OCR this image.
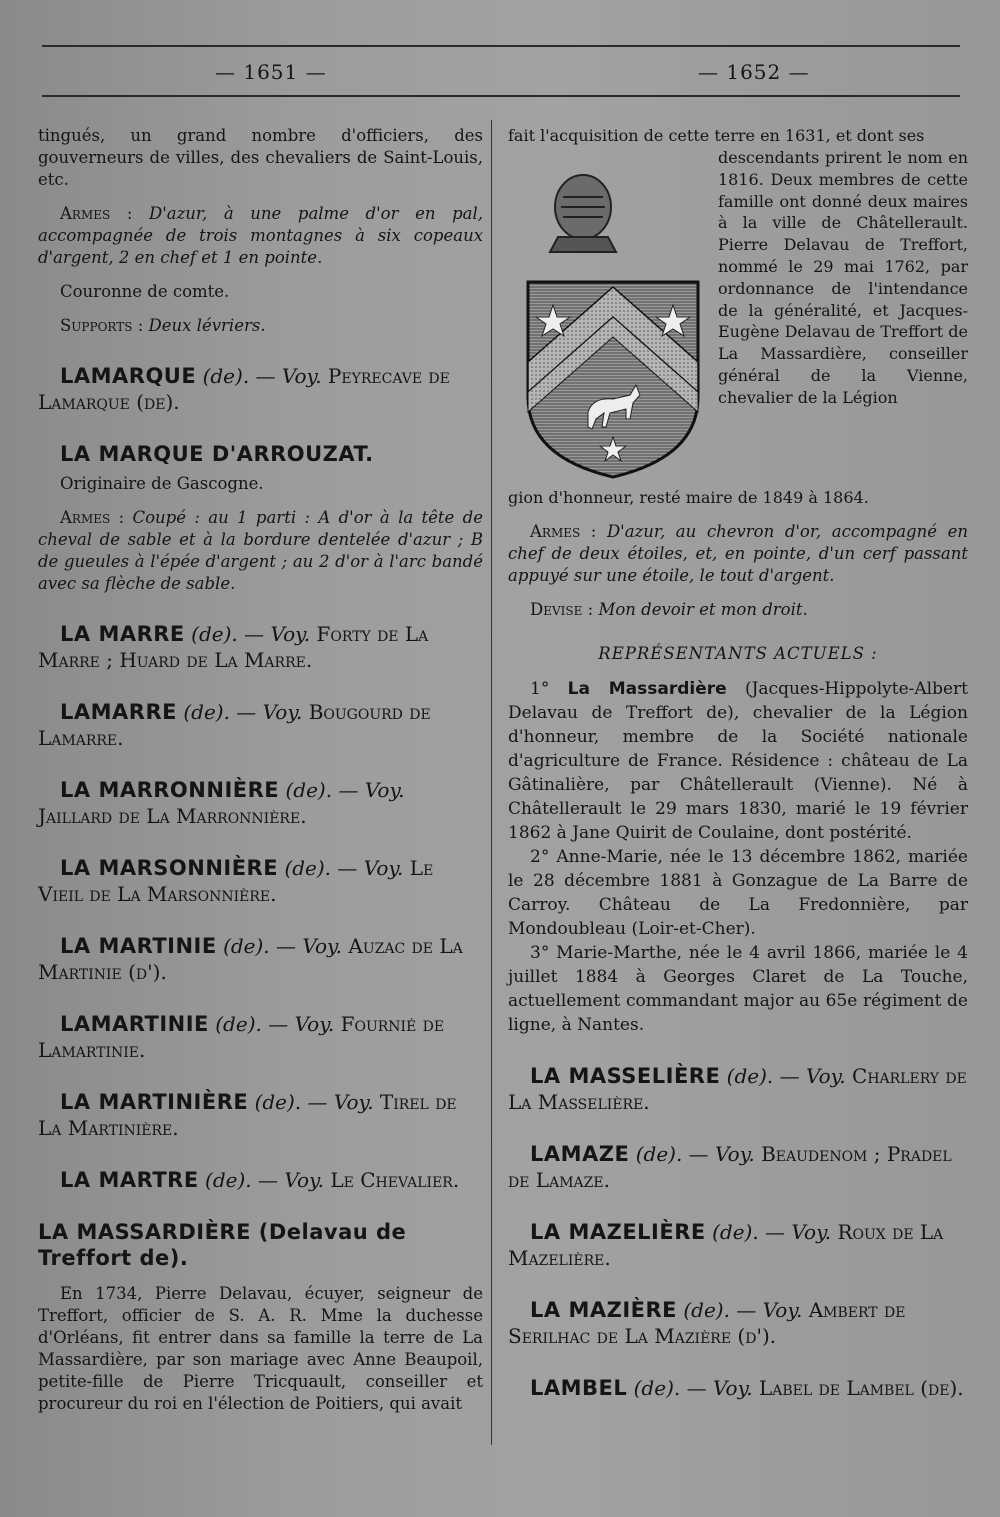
— 1651 —	— 1652 —

tingués, un grand nombre d'officiers, des gouverneurs de villes, des chevaliers de Saint-Louis, etc.

Armes : D'azur, à une palme d'or en pal, accompagnée de trois montagnes à six copeaux d'argent, 2 en chef et 1 en pointe.

Couronne de comte.

Supports : Deux lévriers.

LAMARQUE (de). — Voy. Peyrecave de Lamarque (de).

LA MARQUE D'ARROUZAT.

Originaire de Gascogne.

Armes : Coupé : au 1 parti : A d'or à la tête de cheval de sable et à la bordure dentelée d'azur ; B de gueules à l'épée d'argent ; au 2 d'or à l'arc bandé avec sa flèche de sable.

LA MARRE (de). — Voy. Forty de La Marre ; Huard de La Marre.

LAMARRE (de). — Voy. Bougourd de Lamarre.

LA MARRONNIÈRE (de). — Voy. Jaillard de La Marronnière.

LA MARSONNIÈRE (de). — Voy. Le Vieil de La Marsonnière.

LA MARTINIE (de). — Voy. Auzac de La Martinie (d').

LAMARTINIE (de). — Voy. Fournié de Lamartinie.

LA MARTINIÈRE (de). — Voy. Tirel de La Martinière.

LA MARTRE (de). — Voy. Le Chevalier.

LA MASSARDIÈRE (Delavau de Treffort de).

En 1734, Pierre Delavau, écuyer, seigneur de Treffort, officier de S. A. R. Mme la duchesse d'Orléans, fit entrer dans sa famille la terre de La Massardière, par son mariage avec Anne Beaupoil, petite-fille de Pierre Tricquault, conseiller et procureur du roi en l'élection de Poitiers, qui avait

fait l'acquisition de cette terre en 1631, et dont ses

descendants prirent le nom en 1816. Deux membres de cette famille ont donné deux maires à la ville de Châtellerault. Pierre Delavau de Treffort, nommé le 29 mai 1762, par ordonnance de l'intendance de la généralité, et Jacques-Eugène Delavau de Treffort de La Massardière, conseiller général de la Vienne, chevalier de la Légion

gion d'honneur, resté maire de 1849 à 1864.

Armes : D'azur, au chevron d'or, accompagné en chef de deux étoiles, et, en pointe, d'un cerf passant appuyé sur une étoile, le tout d'argent.

Devise : Mon devoir et mon droit.

REPRÉSENTANTS ACTUELS :

1° La Massardière (Jacques-Hippolyte-Albert Delavau de Treffort de), chevalier de la Légion d'honneur, membre de la Société nationale d'agriculture de France. Résidence : château de La Gâtinalière, par Châtellerault (Vienne). Né à Châtellerault le 29 mars 1830, marié le 19 février 1862 à Jane Quirit de Coulaine, dont postérité.

2° Anne-Marie, née le 13 décembre 1862, mariée le 28 décembre 1881 à Gonzague de La Barre de Carroy. Château de La Fredonnière, par Mondoubleau (Loir-et-Cher).

3° Marie-Marthe, née le 4 avril 1866, mariée le 4 juillet 1884 à Georges Claret de La Touche, actuellement commandant major au 65e régiment de ligne, à Nantes.

LA MASSELIÈRE (de). — Voy. Charlery de La Masselière.

LAMAZE (de). — Voy. Beaudenom ; Pradel de Lamaze.

LA MAZELIÈRE (de). — Voy. Roux de La Mazelière.

LA MAZIÈRE (de). — Voy. Ambert de Serilhac de La Mazière (d').

LAMBEL (de). — Voy. Label de Lambel (de).
